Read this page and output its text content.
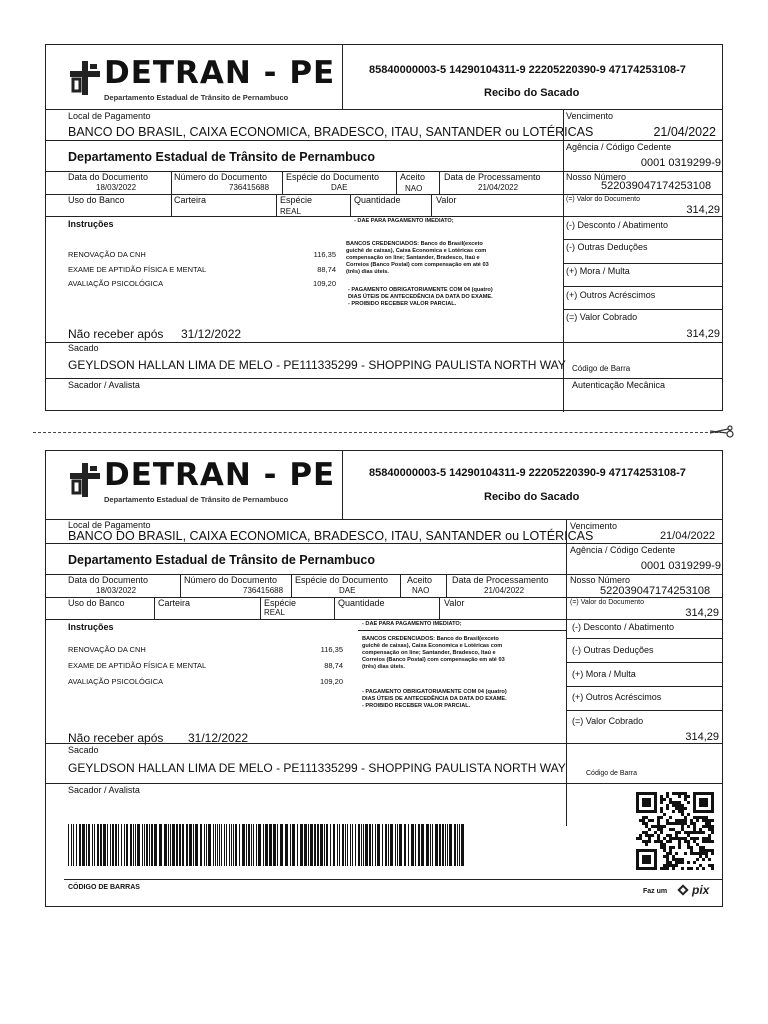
DETRAN - PE
Departamento Estadual de Trânsito de Pernambuco
85840000003-5 14290104311-9 22205220390-9 47174253108-7
Recibo do Sacado
Local de Pagamento
BANCO DO BRASIL, CAIXA ECONOMICA, BRADESCO, ITAU, SANTANDER ou LOTÉRICAS
Vencimento
21/04/2022
Departamento Estadual de Trânsito de Pernambuco
Agência / Código Cedente
0001 0319299-9
Data do Documento
18/03/2022
Número do Documento
736415688
Espécie do Documento
DAE
Aceito
NAO
Data de Processamento
21/04/2022
Nosso Número
522039047174253108
Uso do Banco	Carteira	Espécie
REAL
Quantidade	Valor	(=) Valor do Documento
314,29
Instruções	- DAE PARA PAGAMENTO IMEDIATO;
BANCOS CREDENCIADOS: Banco do Brasil(exceto
guichê de caixas), Caixa Economica e Lotéricas com
compensação on line; Santander, Bradesco, Itaú e
Correios (Banco Postal) com compensação em até 03
(três) dias úteis.
- PAGAMENTO OBRIGATORIAMENTE COM 04 (quatro)
DIAS ÚTEIS DE ANTECEDÊNCIA DA DATA DO EXAME.
- PROIBIDO RECEBER VALOR PARCIAL.
RENOVAÇÃO DA CNH	116,35
EXAME DE APTIDÃO FÍSICA E MENTAL	88,74
AVALIAÇÃO PSICOLÓGICA	109,20
(-) Desconto / Abatimento
(-) Outras Deduções
(+) Mora / Multa
(+) Outros Acréscimos
(=) Valor Cobrado
314,29
Não receber após 31/12/2022
Sacado
GEYLDSON HALLAN LIMA DE MELO - PE111335299 - SHOPPING PAULISTA NORTH WAY Código de Barra
Sacador / Avalista	Autenticação Mecânica
DETRAN - PE
Departamento Estadual de Trânsito de Pernambuco
85840000003-5 14290104311-9 22205220390-9 47174253108-7
Recibo do Sacado
Local de Pagamento
BANCO DO BRASIL, CAIXA ECONOMICA, BRADESCO, ITAU, SANTANDER ou LOTÉRICAS
Vencimento
21/04/2022
Departamento Estadual de Trânsito de Pernambuco
Agência / Código Cedente
0001 0319299-9
Data do Documento
18/03/2022
Número do Documento
736415688
Espécie do Documento
DAE
Aceito
NAO
Data de Processamento
21/04/2022
Nosso Número
522039047174253108
Uso do Banco	Carteira	Espécie
REAL
Quantidade	Valor	(=) Valor do Documento
314,29
Instruções	- DAE PARA PAGAMENTO IMEDIATO;
BANCOS CREDENCIADOS: Banco do Brasil(exceto
guichê de caixas), Caixa Economica e Lotéricas com
compensação on line; Santander, Bradesco, Itaú e
Correios (Banco Postal) com compensação em até 03
(três) dias úteis.
- PAGAMENTO OBRIGATORIAMENTE COM 04 (quatro)
DIAS ÚTEIS DE ANTECEDÊNCIA DA DATA DO EXAME.
- PROIBIDO RECEBER VALOR PARCIAL.
RENOVAÇÃO DA CNH	116,35
EXAME DE APTIDÃO FÍSICA E MENTAL	88,74
AVALIAÇÃO PSICOLÓGICA	109,20
(-) Desconto / Abatimento
(-) Outras Deduções
(+) Mora / Multa
(+) Outros Acréscimos
(=) Valor Cobrado
314,29
Não receber após 31/12/2022
Sacado
GEYLDSON HALLAN LIMA DE MELO - PE111335299 - SHOPPING PAULISTA NORTH WAY	Código de Barra
Sacador / Avalista
CÓDIGO DE BARRAS
Faz um pix
